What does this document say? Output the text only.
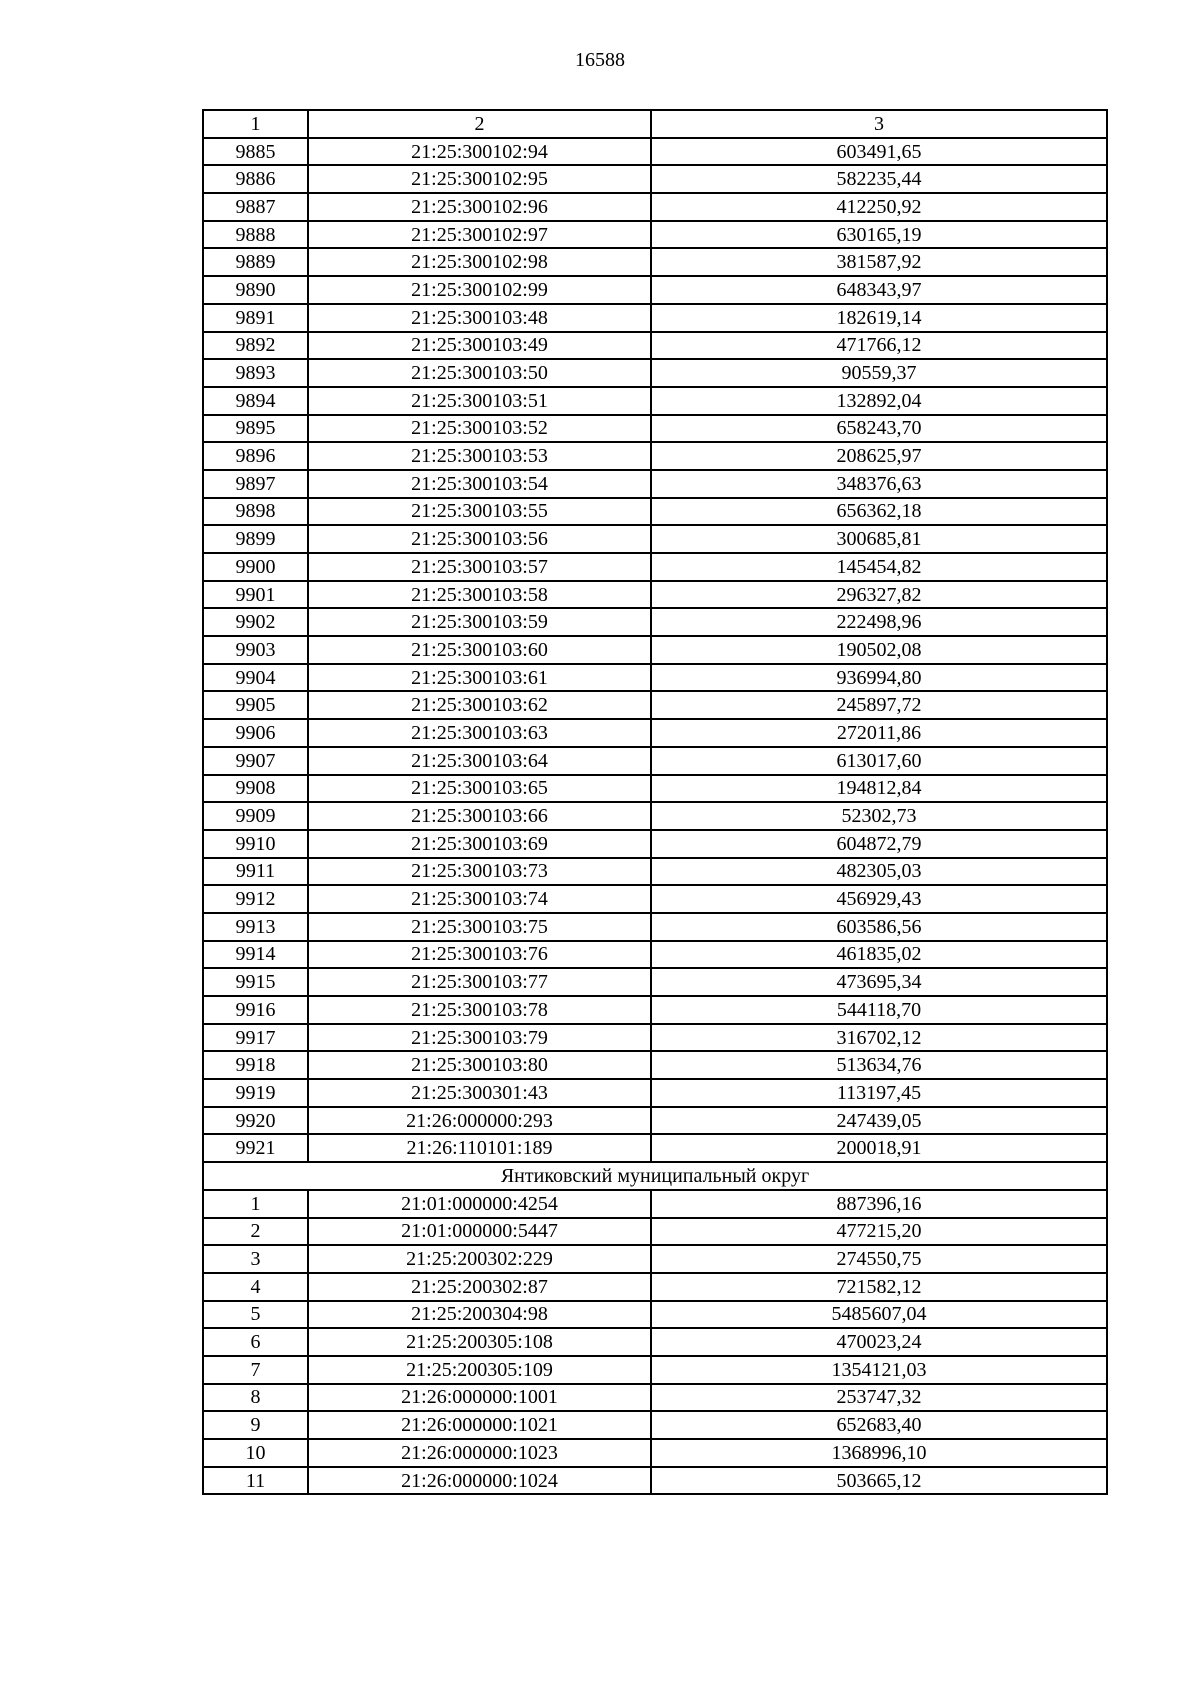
16588
1	2	3
9885	21:25:300102:94	603491,65
9886	21:25:300102:95	582235,44
9887	21:25:300102:96	412250,92
9888	21:25:300102:97	630165,19
9889	21:25:300102:98	381587,92
9890	21:25:300102:99	648343,97
9891	21:25:300103:48	182619,14
9892	21:25:300103:49	471766,12
9893	21:25:300103:50	90559,37
9894	21:25:300103:51	132892,04
9895	21:25:300103:52	658243,70
9896	21:25:300103:53	208625,97
9897	21:25:300103:54	348376,63
9898	21:25:300103:55	656362,18
9899	21:25:300103:56	300685,81
9900	21:25:300103:57	145454,82
9901	21:25:300103:58	296327,82
9902	21:25:300103:59	222498,96
9903	21:25:300103:60	190502,08
9904	21:25:300103:61	936994,80
9905	21:25:300103:62	245897,72
9906	21:25:300103:63	272011,86
9907	21:25:300103:64	613017,60
9908	21:25:300103:65	194812,84
9909	21:25:300103:66	52302,73
9910	21:25:300103:69	604872,79
9911	21:25:300103:73	482305,03
9912	21:25:300103:74	456929,43
9913	21:25:300103:75	603586,56
9914	21:25:300103:76	461835,02
9915	21:25:300103:77	473695,34
9916	21:25:300103:78	544118,70
9917	21:25:300103:79	316702,12
9918	21:25:300103:80	513634,76
9919	21:25:300301:43	113197,45
9920	21:26:000000:293	247439,05
9921	21:26:110101:189	200018,91
Янтиковский муниципальный округ		
1	21:01:000000:4254	887396,16
2	21:01:000000:5447	477215,20
3	21:25:200302:229	274550,75
4	21:25:200302:87	721582,12
5	21:25:200304:98	5485607,04
6	21:25:200305:108	470023,24
7	21:25:200305:109	1354121,03
8	21:26:000000:1001	253747,32
9	21:26:000000:1021	652683,40
10	21:26:000000:1023	1368996,10
11	21:26:000000:1024	503665,12
